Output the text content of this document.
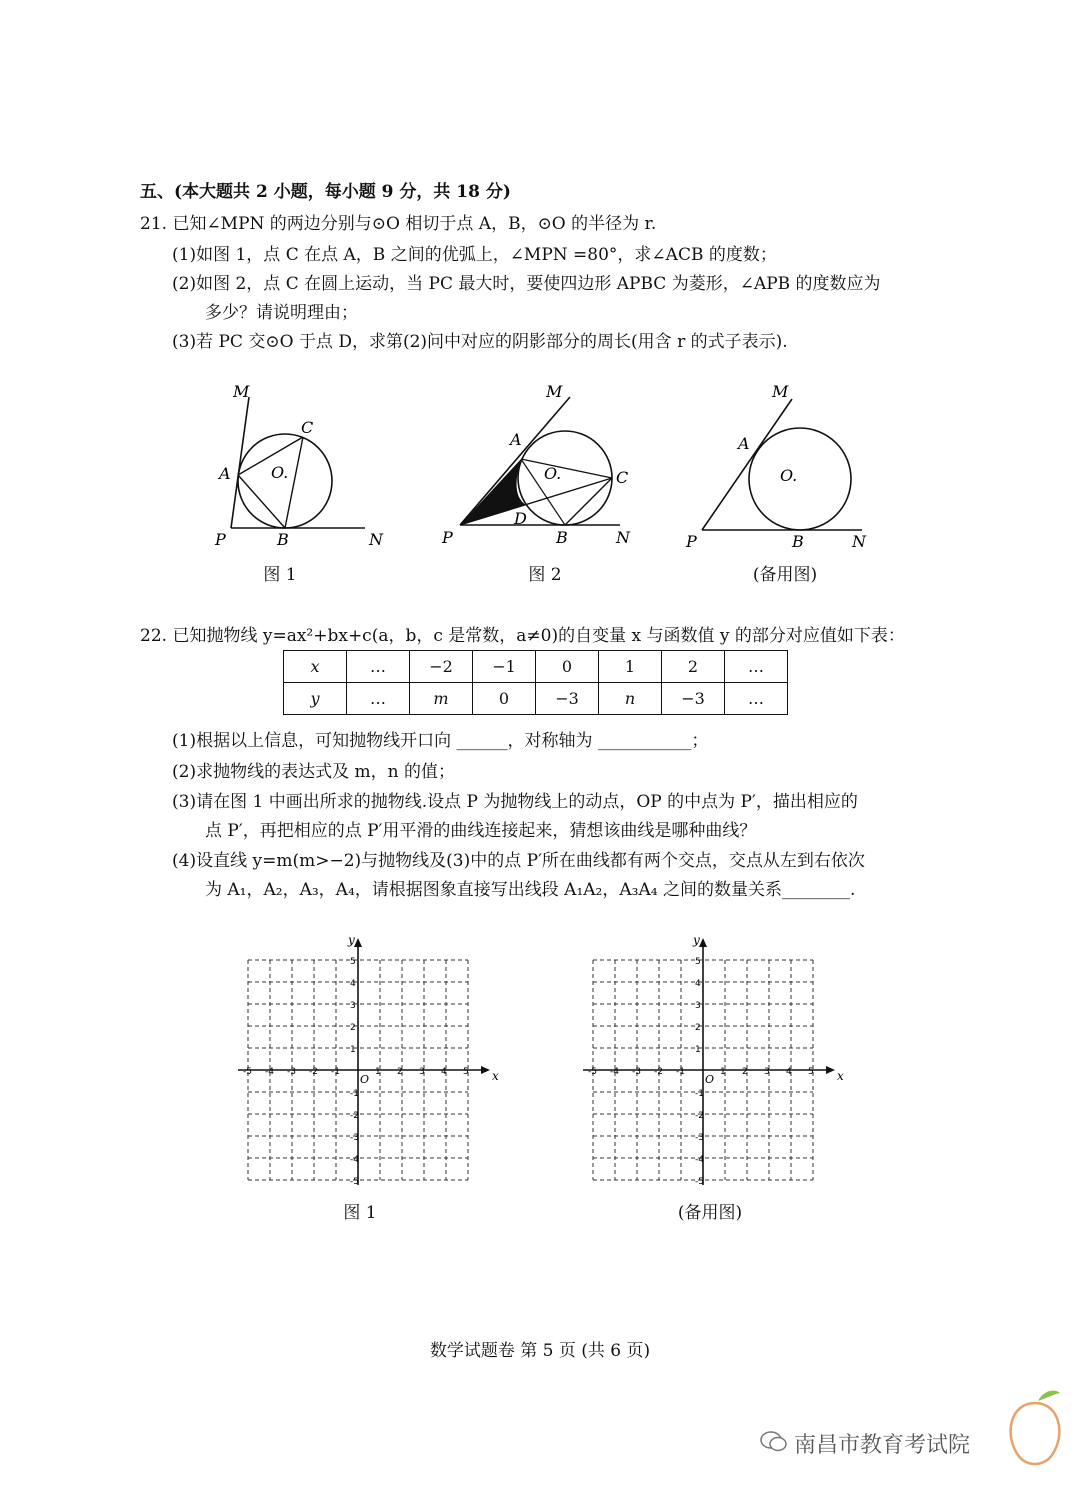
五、(本大题共 2 小题，每小题 9 分，共 18 分)
21. 已知∠MPN 的两边分别与⊙O 相切于点 A，B，⊙O 的半径为 r.
(1)如图 1，点 C 在点 A，B 之间的优弧上，∠MPN =80°，求∠ACB 的度数；
(2)如图 2，点 C 在圆上运动，当 PC 最大时，要使四边形 APBC 为菱形，∠APB 的度数应为
多少？请说明理由；
(3)若 PC 交⊙O 于点 D，求第(2)问中对应的阴影部分的周长(用含 r 的式子表示).
M
A
C
O.
P	B	N
图 1
M
A
O.	C
D
P	B	N
图 2
M
A
O.
P	B	N
(备用图)
22. 已知抛物线 y=ax²+bx+c(a，b，c 是常数，a≠0)的自变量 x 与函数值 y 的部分对应值如下表：
x	…	−2	−1	0	1	2	…
y	…	m	0	−3	n	−3	…
(1)根据以上信息，可知抛物线开口向 ______，对称轴为 ___________；
(2)求抛物线的表达式及 m，n 的值；
(3)请在图 1 中画出所求的抛物线.设点 P 为抛物线上的动点，OP 的中点为 P′，描出相应的
点 P′，再把相应的点 P′用平滑的曲线连接起来，猜想该曲线是哪种曲线？
(4)设直线 y=m(m>−2)与抛物线及(3)中的点 P′所在曲线都有两个交点，交点从左到右依次
为 A₁，A₂，A₃，A₄，请根据图象直接写出线段 A₁A₂，A₃A₄ 之间的数量关系________.
x
y
O
-5 -4 -3 -2 -1	1 2 3 4 5
5
4
3
2
1
-1
-2
-3
-4
-5
图 1
x
y
O
-5 -4 -3 -2 -1	1 2 3 4 5
5
4
3
2
1
-1
-2
-3
-4
-5
(备用图)
数学试题卷 第 5 页 (共 6 页)
南昌市教育考试院
